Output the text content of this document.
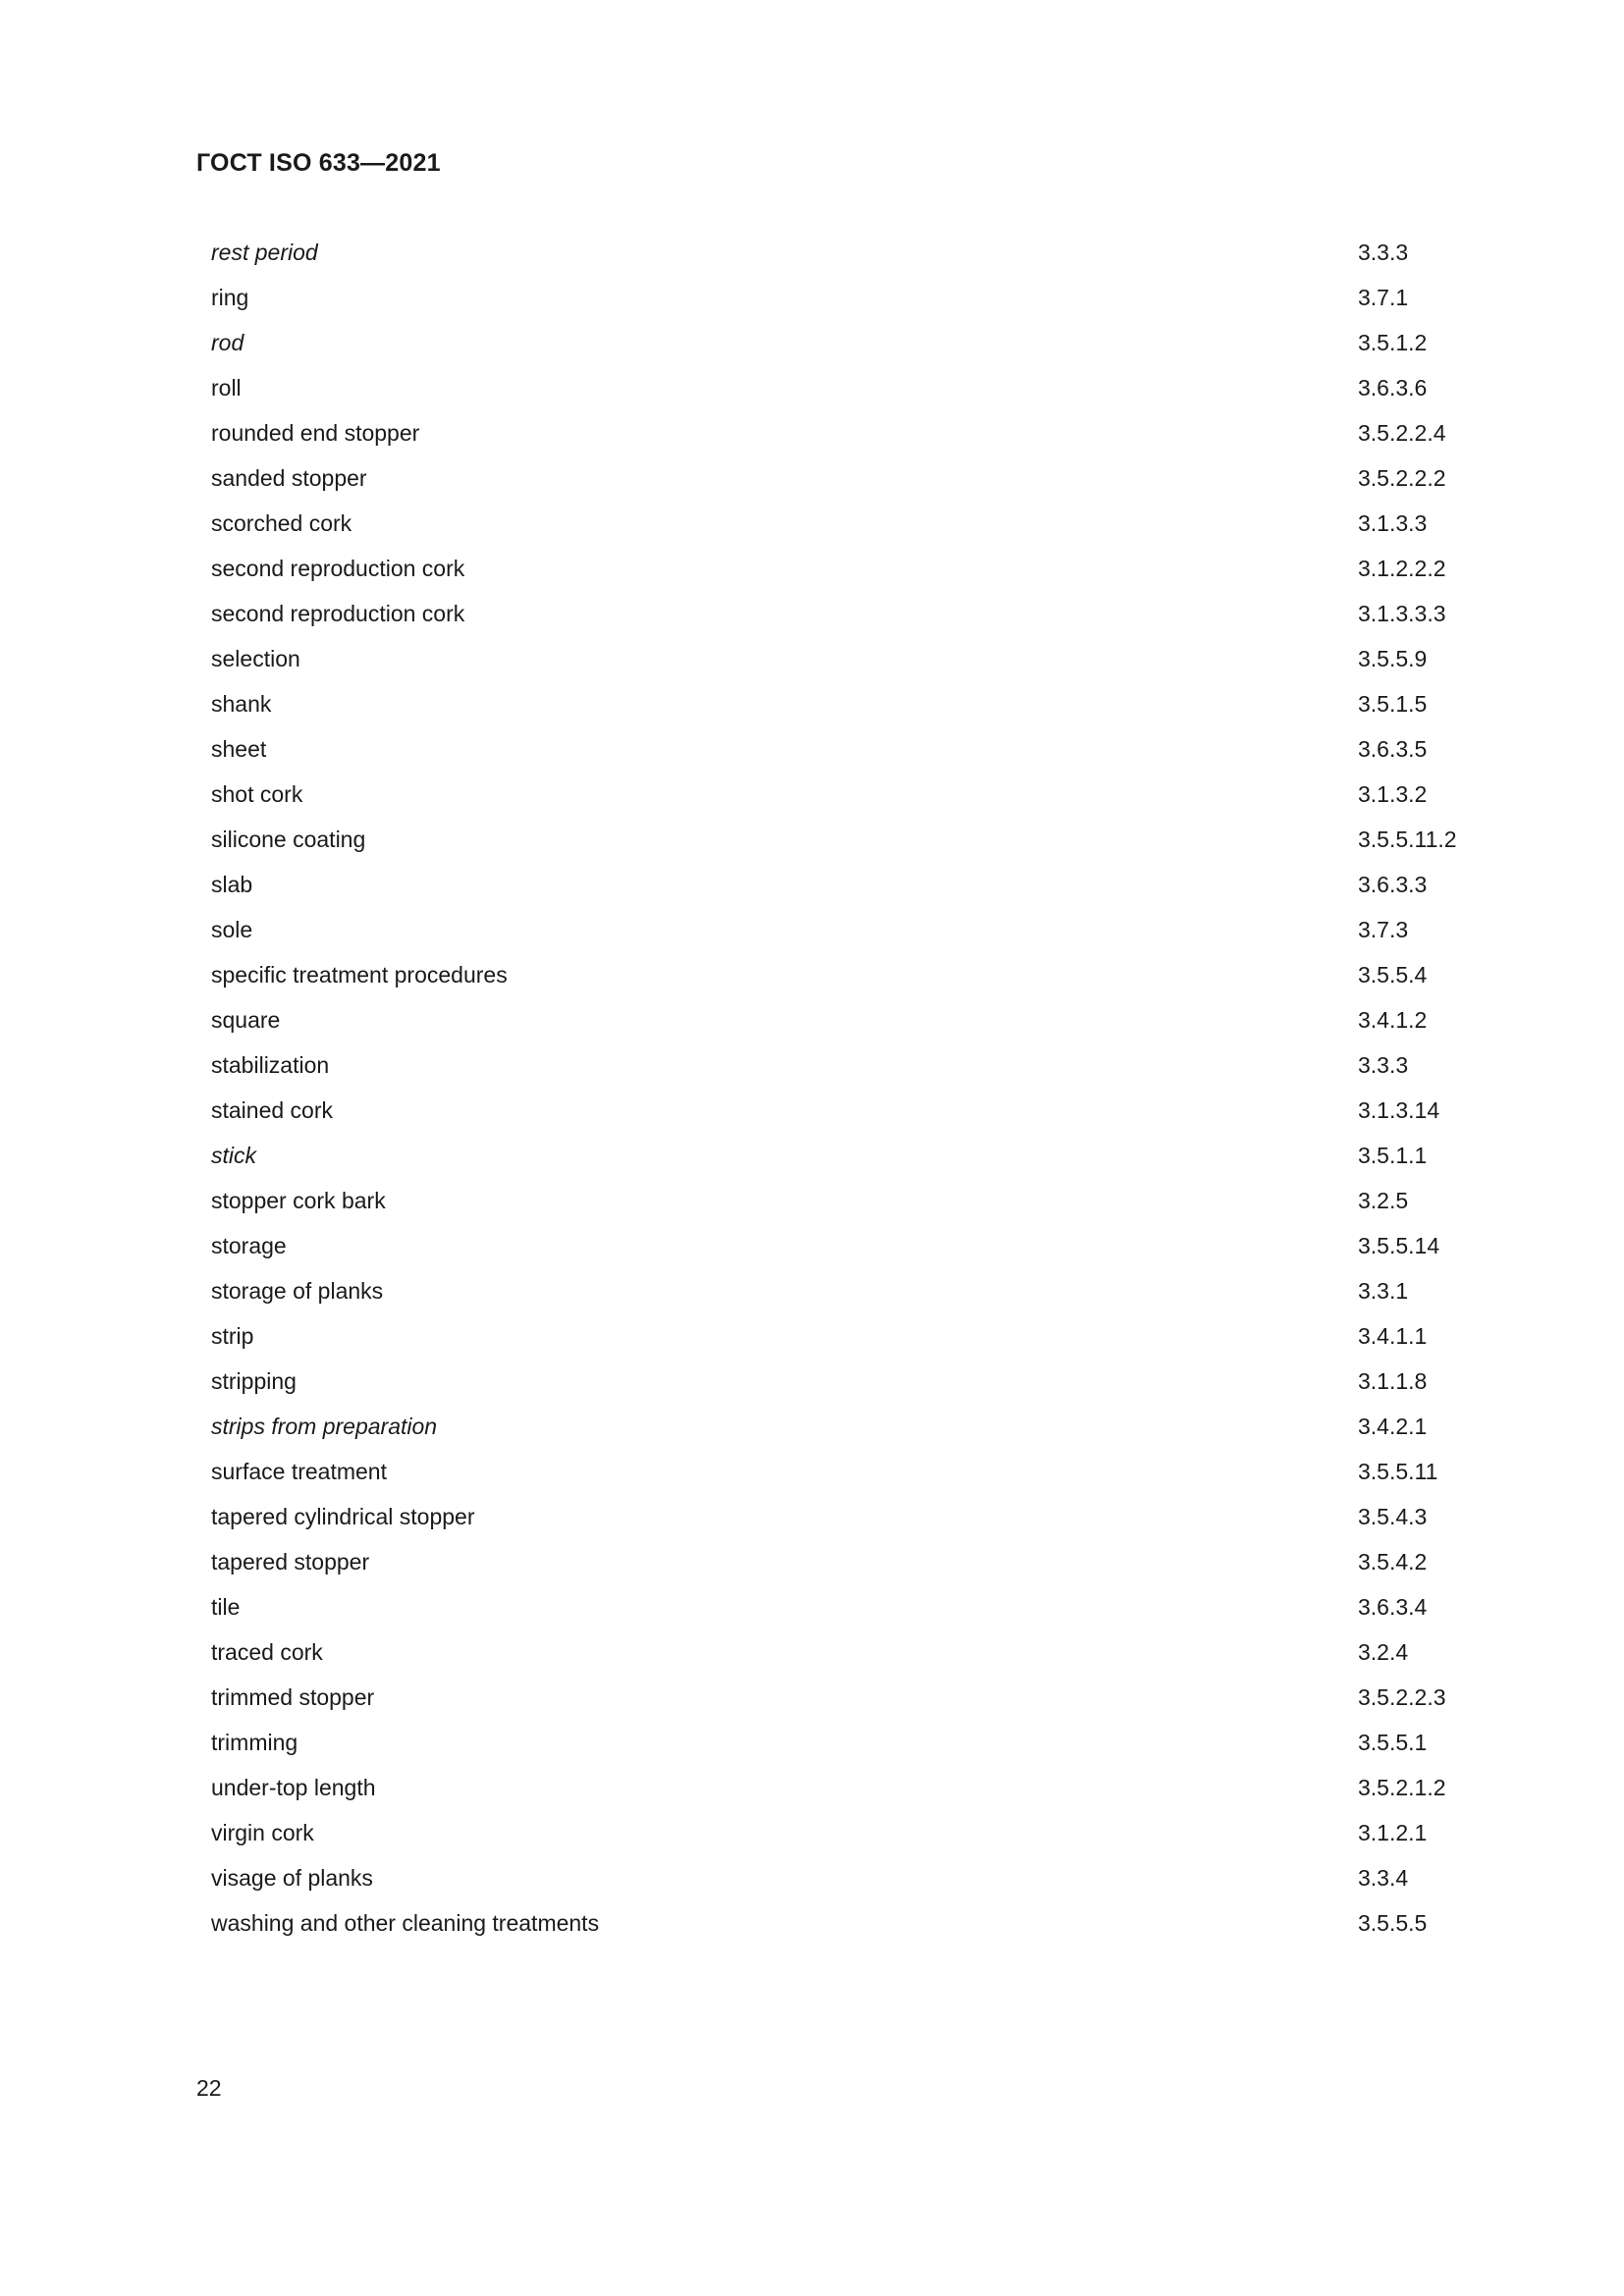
ГОСТ ISO 633—2021
rest period	3.3.3
ring	3.7.1
rod	3.5.1.2
roll	3.6.3.6
rounded end stopper	3.5.2.2.4
sanded stopper	3.5.2.2.2
scorched cork	3.1.3.3
second reproduction cork	3.1.2.2.2
second reproduction cork	3.1.3.3.3
selection	3.5.5.9
shank	3.5.1.5
sheet	3.6.3.5
shot cork	3.1.3.2
silicone coating	3.5.5.11.2
slab	3.6.3.3
sole	3.7.3
specific treatment procedures	3.5.5.4
square	3.4.1.2
stabilization	3.3.3
stained cork	3.1.3.14
stick	3.5.1.1
stopper cork bark	3.2.5
storage	3.5.5.14
storage of planks	3.3.1
strip	3.4.1.1
stripping	3.1.1.8
strips from preparation	3.4.2.1
surface treatment	3.5.5.11
tapered cylindrical stopper	3.5.4.3
tapered stopper	3.5.4.2
tile	3.6.3.4
traced cork	3.2.4
trimmed stopper	3.5.2.2.3
trimming	3.5.5.1
under-top length	3.5.2.1.2
virgin cork	3.1.2.1
visage of planks	3.3.4
washing and other cleaning treatments	3.5.5.5
22
